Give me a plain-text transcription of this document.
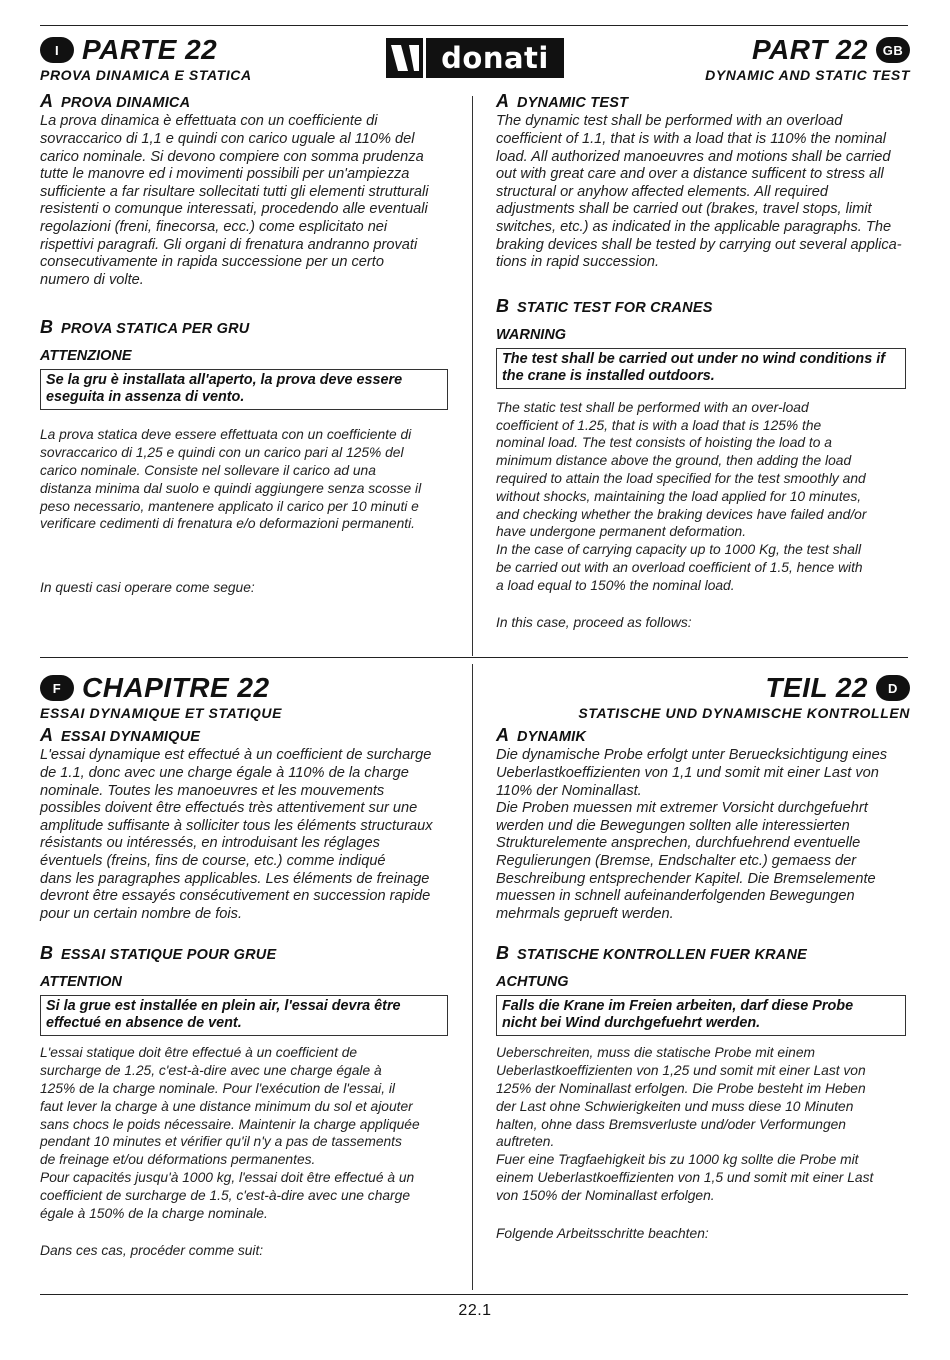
donati
I PARTE 22
PROVA DINAMICA E STATICA
A PROVA DINAMICA
La prova dinamica è effettuata con un coefficiente di
sovraccarico di 1,1 e quindi con carico uguale al 110% del
carico nominale. Si devono compiere con somma prudenza
tutte le manovre ed i movimenti possibili per un'ampiezza
sufficiente a far risultare sollecitati tutti gli elementi strutturali
resistenti o comunque interessati, procedendo alle eventuali
regolazioni (freni, finecorsa, ecc.) come esplicitato nei
rispettivi paragrafi. Gli organi di frenatura andranno provati
consecutivamente in rapida successione per un certo
numero di volte.
B PROVA STATICA PER GRU
ATTENZIONE
Se la gru è installata all'aperto, la prova deve essere
eseguita in assenza di vento.
La prova statica deve essere effettuata con un coefficiente di
sovraccarico di 1,25 e quindi con un carico pari al 125% del
carico nominale. Consiste nel sollevare il carico ad una
distanza minima dal suolo e quindi aggiungere senza scosse il
peso necessario, mantenere applicato il carico per 10 minuti e
verificare cedimenti di frenatura e/o deformazioni permanenti.
In questi casi operare come segue:
PART 22	GB
DYNAMIC AND STATIC TEST
A DYNAMIC TEST
The dynamic test shall be performed with an overload
coefficient of 1.1, that is with a load that is 110% the nominal
load. All authorized manoeuvres and motions shall be carried
out with great care and over a distance sufficent to stress all
structural or anyhow affected elements. All required
adjustments shall be carried out (brakes, travel stops, limit
switches, etc.) as indicated in the applicable paragraphs. The
braking devices shall be tested by carrying out several applica-
tions in rapid succession.
B STATIC TEST FOR CRANES
WARNING
The test shall be carried out under no wind conditions if
the crane is installed outdoors.
The static test shall be performed with an over-load
coefficient of 1.25, that is with a load that is 125% the
nominal load. The test consists of hoisting the load to a
minimum distance above the ground, then adding the load
required to attain the load specified for the test smoothly and
without shocks, maintaining the load applied for 10 minutes,
and checking whether the braking devices have failed and/or
have undergone permanent deformation.
In the case of carrying capacity up to 1000 Kg, the test shall
be carried out with an overload coefficient of 1.5, hence with
a load equal to 150% the nominal load.
In this case, proceed as follows:
F CHAPITRE 22
ESSAI DYNAMIQUE ET STATIQUE
A ESSAI DYNAMIQUE
L'essai dynamique est effectué à un coefficient de surcharge
de 1.1, donc avec une charge égale à 110% de la charge
nominale. Toutes les manoeuvres et les mouvements
possibles doivent être effectués très attentivement sur une
amplitude suffisante à solliciter tous les éléments structuraux
résistants ou intéressés, en introduisant les réglages
éventuels (freins, fins de course, etc.) comme indiqué
dans les paragraphes applicables. Les éléments de freinage
devront être essayés consécutivement en succession rapide
pour un certain nombre de fois.
B ESSAI STATIQUE POUR GRUE
ATTENTION
Si la grue est installée en plein air, l'essai devra être
effectué en absence de vent.
L'essai statique doit être effectué à un coefficient de
surcharge de 1.25, c'est-à-dire avec une charge égale à
125% de la charge nominale. Pour l'exécution de l'essai, il
faut lever la charge à une distance minimum du sol et ajouter
sans chocs le poids nécessaire. Maintenir la charge appliquée
pendant 10 minutes et vérifier qu'il n'y a pas de tassements
de freinage et/ou déformations permanentes.
Pour capacités jusqu'à 1000 kg, l'essai doit être effectué à un
coefficient de surcharge de 1.5, c'est-à-dire avec une charge
égale à 150% de la charge nominale.
Dans ces cas, procéder comme suit:
TEIL 22	D
STATISCHE UND DYNAMISCHE KONTROLLEN
A DYNAMIK
Die dynamische Probe erfolgt unter Beruecksichtigung eines
Ueberlastkoeffizienten von 1,1 und somit mit einer Last von
110% der Nominallast.
Die Proben muessen mit extremer Vorsicht durchgefuehrt
werden und die Bewegungen sollten alle interessierten
Strukturelemente ansprechen, durchfuehrend eventuelle
Regulierungen (Bremse, Endschalter etc.) gemaess der
Beschreibung entsprechender Kapitel. Die Bremselemente
muessen in schnell aufeinanderfolgenden Bewegungen
mehrmals geprueft werden.
B STATISCHE KONTROLLEN FUER KRANE
ACHTUNG
Falls die Krane im Freien arbeiten, darf diese Probe
nicht bei Wind durchgefuehrt werden.
Ueberschreiten, muss die statische Probe mit einem
Ueberlastkoeffizienten von 1,25 und somit mit einer Last von
125% der Nominallast erfolgen. Die Probe besteht im Heben
der Last ohne Schwierigkeiten und muss diese 10 Minuten
halten, ohne dass Bremsverluste und/oder Verformungen
auftreten.
Fuer eine Tragfaehigkeit bis zu 1000 kg sollte die Probe mit
einem Ueberlastkoeffizienten von 1,5 und somit mit einer Last
von 150% der Nominallast erfolgen.
Folgende Arbeitsschritte beachten:
22.1
